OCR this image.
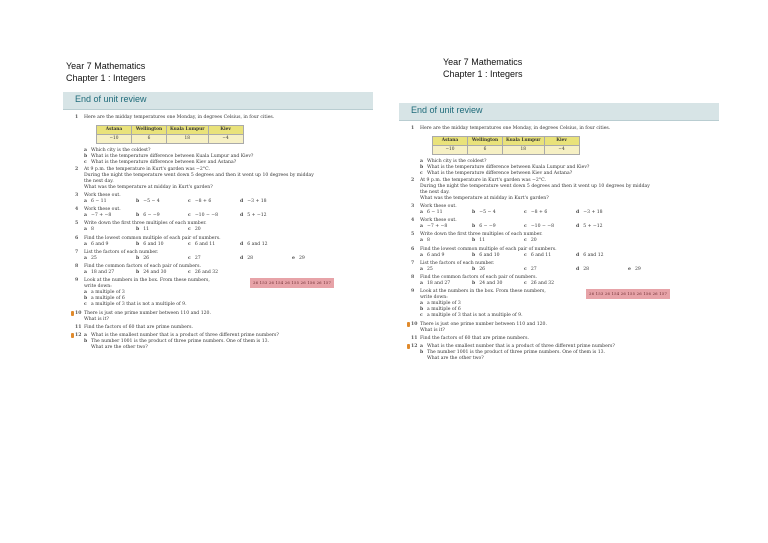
Year 7 Mathematics
Chapter 1 : Integers
Year 7 Mathematics
Chapter 1 : Integers
End of unit review
1 Here are the midday temperatures one Monday, in degrees Celsius, in four cities.
Astana	Wellington	Kuala Lumpur	Kiev
−10	6	18	−4
a Which city is the coldest?
b What is the temperature difference between Kuala Lumpur and Kiev?
c What is the temperature difference between Kiev and Astana?
2 At 9 p.m. the temperature in Kurt's garden was −2°C.
During the night the temperature went down 5 degrees and then it went up 10 degrees by midday
the next day.
What was the temperature at midday in Kurt's garden?
3 Work these out.
a 6 − 11	b −5 − 4	c −8 + 6	d −3 + 18
4 Work these out.
a −7 + −8	b 6 − −9	c −10 − −8	d 5 + −12
5 Write down the first three multiples of each number.
a 8	b 11	c 20
6 Find the lowest common multiple of each pair of numbers.
a 6 and 9	b 6 and 10	c 6 and 11	d 6 and 12
7 List the factors of each number.
a 25	b 26	c 27	d 28	e 29
8 Find the common factors of each pair of numbers.
a 18 and 27	b 24 and 30	c 26 and 32
9 Look at the numbers in the box. From these numbers,
write down:
a a multiple of 3
b a multiple of 6
c a multiple of 3 that is not a multiple of 9.
26 153 26 154 26 155 26 156 26 157
10 There is just one prime number between 110 and 120.
What is it?
11 Find the factors of 60 that are prime numbers.
12 a What is the smallest number that is a product of three different prime numbers?
b The number 1001 is the product of three prime numbers. One of them is 13.
What are the other two?
End of unit review
1 Here are the midday temperatures one Monday, in degrees Celsius, in four cities.
Astana	Wellington	Kuala Lumpur	Kiev
−10	6	18	−4
a Which city is the coldest?
b What is the temperature difference between Kuala Lumpur and Kiev?
c What is the temperature difference between Kiev and Astana?
2 At 9 p.m. the temperature in Kurt's garden was −2°C.
During the night the temperature went down 5 degrees and then it went up 10 degrees by midday
the next day.
What was the temperature at midday in Kurt's garden?
3 Work these out.
a 6 − 11	b −5 − 4	c −8 + 6	d −3 + 18
4 Work these out.
a −7 + −8	b 6 − −9	c −10 − −8	d 5 + −12
5 Write down the first three multiples of each number.
a 8	b 11	c 20
6 Find the lowest common multiple of each pair of numbers.
a 6 and 9	b 6 and 10	c 6 and 11	d 6 and 12
7 List the factors of each number.
a 25	b 26	c 27	d 28	e 29
8 Find the common factors of each pair of numbers.
a 18 and 27	b 24 and 30	c 26 and 32
9 Look at the numbers in the box. From these numbers,
write down:
a a multiple of 3
b a multiple of 6
c a multiple of 3 that is not a multiple of 9.
26 153 26 154 26 155 26 156 26 157
10 There is just one prime number between 110 and 120.
What is it?
11 Find the factors of 60 that are prime numbers.
12 a What is the smallest number that is a product of three different prime numbers?
b The number 1001 is the product of three prime numbers. One of them is 13.
What are the other two?
